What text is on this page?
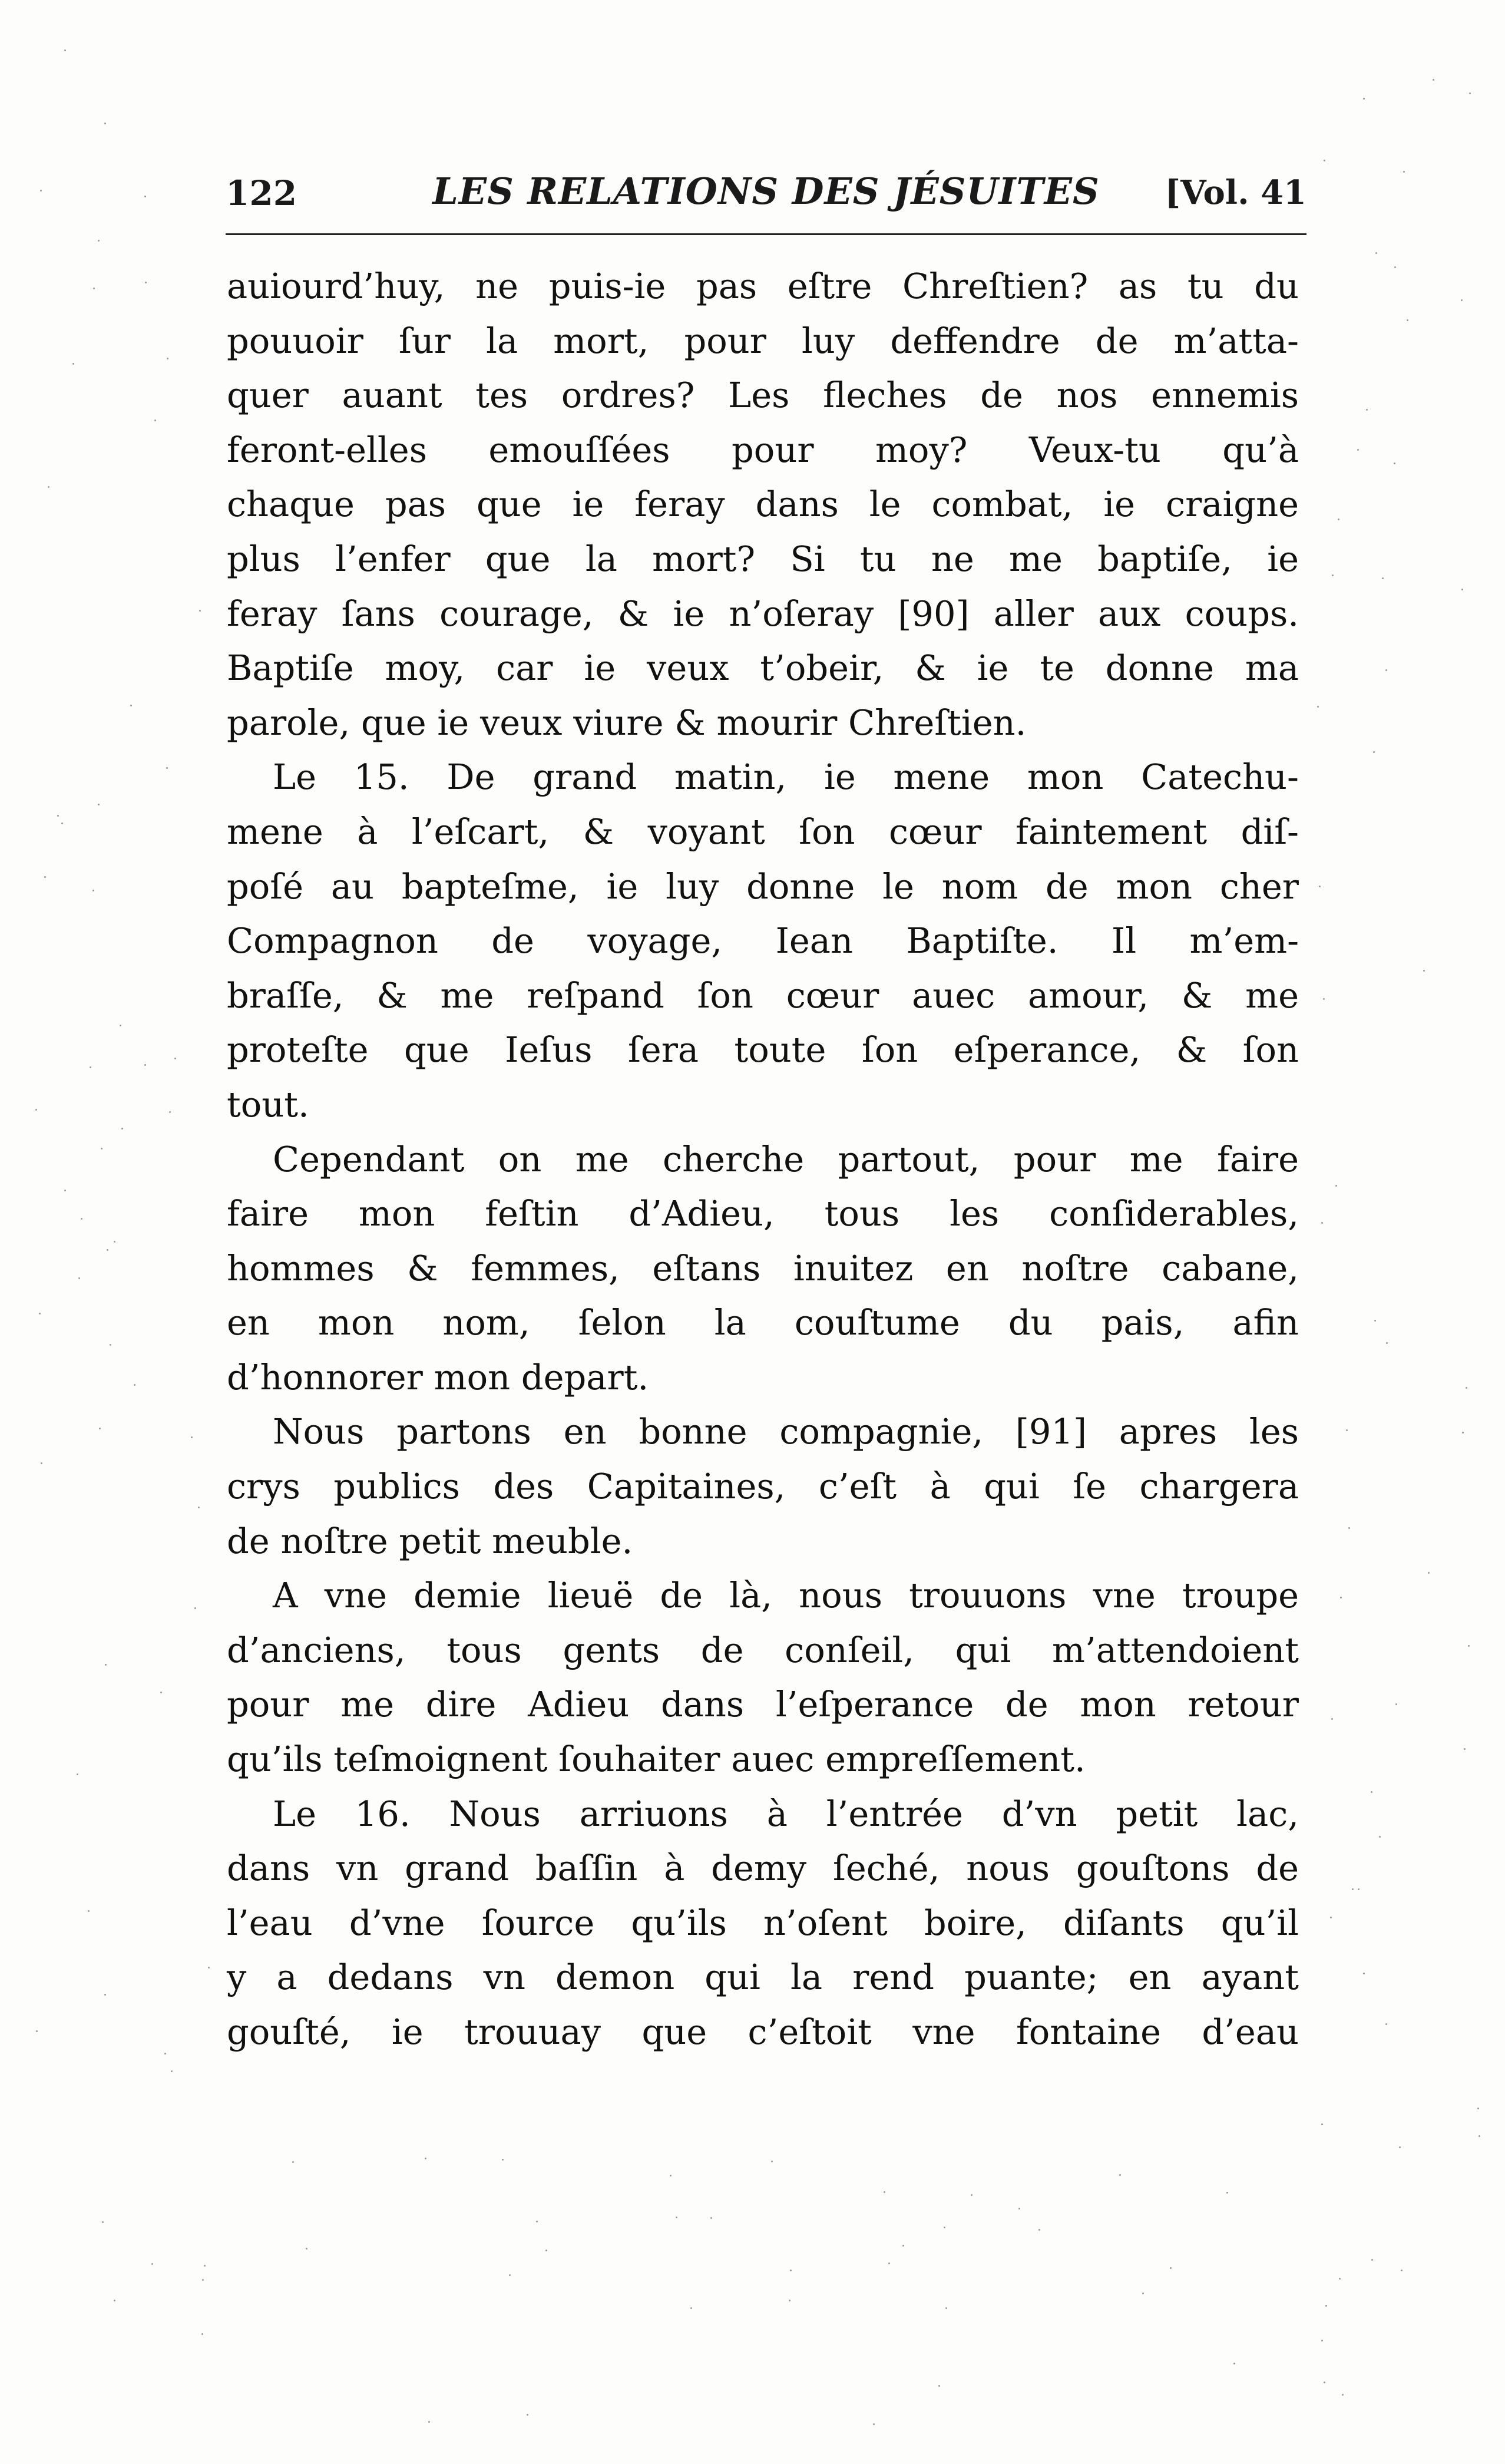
122	LES RELATIONS DES JÉSUITES	[Vol. 41
auiourd’huy, ne puis-ie pas eſtre Chreſtien? as tu du
pouuoir ſur la mort, pour luy deffendre de m’atta-
quer auant tes ordres? Les fleches de nos ennemis
feront-elles emouſſées pour moy? Veux-tu qu’à
chaque pas que ie feray dans le combat, ie craigne
plus l’enfer que la mort? Si tu ne me baptiſe, ie
feray ſans courage, & ie n’oſeray [90] aller aux coups.
Baptiſe moy, car ie veux t’obeir, & ie te donne ma
parole, que ie veux viure & mourir Chreſtien.
Le 15. De grand matin, ie mene mon Catechu-
mene à l’eſcart, & voyant ſon cœur faintement diſ-
poſé au bapteſme, ie luy donne le nom de mon cher
Compagnon de voyage, Iean Baptiſte. Il m’em-
braſſe, & me reſpand ſon cœur auec amour, & me
proteſte que Ieſus ſera toute ſon eſperance, & ſon
tout.
Cependant on me cherche partout, pour me faire
faire mon feſtin d’Adieu, tous les conſiderables,
hommes & femmes, eſtans inuitez en noſtre cabane,
en mon nom, ſelon la couſtume du pais, afin
d’honnorer mon depart.
Nous partons en bonne compagnie, [91] apres les
crys publics des Capitaines, c’eſt à qui ſe chargera
de noſtre petit meuble.
A vne demie lieuë de là, nous trouuons vne troupe
d’anciens, tous gents de conſeil, qui m’attendoient
pour me dire Adieu dans l’eſperance de mon retour
qu’ils teſmoignent ſouhaiter auec empreſſement.
Le 16. Nous arriuons à l’entrée d’vn petit lac,
dans vn grand baſſin à demy ſeché, nous gouſtons de
l’eau d’vne ſource qu’ils n’oſent boire, diſants qu’il
y a dedans vn demon qui la rend puante; en ayant
gouſté, ie trouuay que c’eſtoit vne fontaine d’eau
